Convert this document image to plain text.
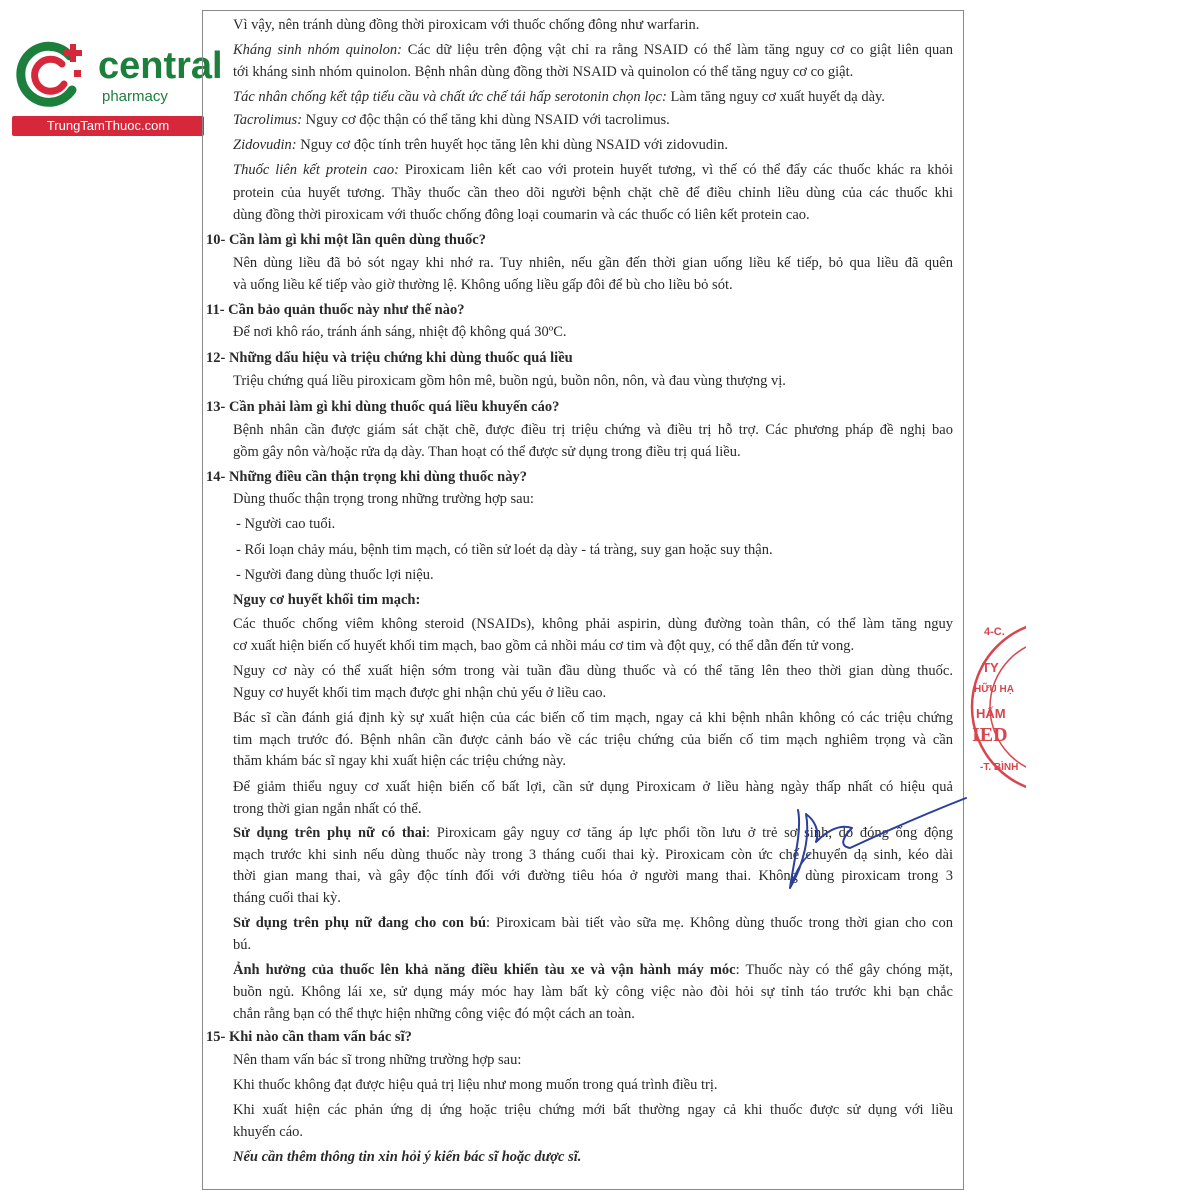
central
pharmacy
TrungTamThuoc.com
Vì vậy, nên tránh dùng đồng thời piroxicam với thuốc chống đông như warfarin.
Kháng sinh nhóm quinolon: Các dữ liệu trên động vật chỉ ra rằng NSAID có thể làm tăng nguy cơ co giật liên quan
tới kháng sinh nhóm quinolon. Bệnh nhân dùng đồng thời NSAID và quinolon có thể tăng nguy cơ co giật.
Tác nhân chống kết tập tiểu cầu và chất ức chế tái hấp serotonin chọn lọc: Làm tăng nguy cơ xuất huyết dạ dày.
Tacrolimus: Nguy cơ độc thận có thể tăng khi dùng NSAID với tacrolimus.
Zidovudin: Nguy cơ độc tính trên huyết học tăng lên khi dùng NSAID với zidovudin.
Thuốc liên kết protein cao: Piroxicam liên kết cao với protein huyết tương, vì thế có thể đẩy các thuốc khác ra khỏi
protein của huyết tương. Thầy thuốc cần theo dõi người bệnh chặt chẽ để điều chỉnh liều dùng của các thuốc khi
dùng đồng thời piroxicam với thuốc chống đông loại coumarin và các thuốc có liên kết protein cao.
10- Cần làm gì khi một lần quên dùng thuốc?
Nên dùng liều đã bỏ sót ngay khi nhớ ra. Tuy nhiên, nếu gần đến thời gian uống liều kế tiếp, bỏ qua liều đã quên
và uống liều kế tiếp vào giờ thường lệ. Không uống liều gấp đôi để bù cho liều bỏ sót.
11- Cần bảo quản thuốc này như thế nào?
Để nơi khô ráo, tránh ánh sáng, nhiệt độ không quá 30ºC.
12- Những dấu hiệu và triệu chứng khi dùng thuốc quá liều
Triệu chứng quá liều piroxicam gồm hôn mê, buồn ngủ, buồn nôn, nôn, và đau vùng thượng vị.
13- Cần phải làm gì khi dùng thuốc quá liều khuyến cáo?
Bệnh nhân cần được giám sát chặt chẽ, được điều trị triệu chứng và điều trị hỗ trợ. Các phương pháp đề nghị bao
gồm gây nôn và/hoặc rửa dạ dày. Than hoạt có thể được sử dụng trong điều trị quá liều.
14- Những điều cần thận trọng khi dùng thuốc này?
Dùng thuốc thận trọng trong những trường hợp sau:
- Người cao tuổi.
- Rối loạn chảy máu, bệnh tim mạch, có tiền sử loét dạ dày - tá tràng, suy gan hoặc suy thận.
- Người đang dùng thuốc lợi niệu.
Nguy cơ huyết khối tim mạch:
Các thuốc chống viêm không steroid (NSAIDs), không phải aspirin, dùng đường toàn thân, có thể làm tăng nguy
cơ xuất hiện biến cố huyết khối tim mạch, bao gồm cả nhồi máu cơ tim và đột quỵ, có thể dẫn đến tử vong.
Nguy cơ này có thể xuất hiện sớm trong vài tuần đầu dùng thuốc và có thể tăng lên theo thời gian dùng thuốc.
Nguy cơ huyết khối tim mạch được ghi nhận chủ yếu ở liều cao.
Bác sĩ cần đánh giá định kỳ sự xuất hiện của các biến cố tim mạch, ngay cả khi bệnh nhân không có các triệu chứng
tim mạch trước đó. Bệnh nhân cần được cảnh báo về các triệu chứng của biến cố tim mạch nghiêm trọng và cần
thăm khám bác sĩ ngay khi xuất hiện các triệu chứng này.
Để giảm thiểu nguy cơ xuất hiện biến cố bất lợi, cần sử dụng Piroxicam ở liều hàng ngày thấp nhất có hiệu quả
trong thời gian ngắn nhất có thể.
Sử dụng trên phụ nữ có thai: Piroxicam gây nguy cơ tăng áp lực phổi tồn lưu ở trẻ sơ sinh, do đóng ống động
mạch trước khi sinh nếu dùng thuốc này trong 3 tháng cuối thai kỳ. Piroxicam còn ức chế chuyển dạ sinh, kéo dài
thời gian mang thai, và gây độc tính đối với đường tiêu hóa ở người mang thai. Không dùng piroxicam trong 3
tháng cuối thai kỳ.
Sử dụng trên phụ nữ đang cho con bú: Piroxicam bài tiết vào sữa mẹ. Không dùng thuốc trong thời gian cho con
bú.
Ảnh hưởng của thuốc lên khả năng điều khiển tàu xe và vận hành máy móc: Thuốc này có thể gây chóng mặt,
buồn ngủ. Không lái xe, sử dụng máy móc hay làm bất kỳ công việc nào đòi hỏi sự tỉnh táo trước khi bạn chắc
chắn rằng bạn có thể thực hiện những công việc đó một cách an toàn.
15- Khi nào cần tham vấn bác sĩ?
Nên tham vấn bác sĩ trong những trường hợp sau:
Khi thuốc không đạt được hiệu quả trị liệu như mong muốn trong quá trình điều trị.
Khi xuất hiện các phản ứng dị ứng hoặc triệu chứng mới bất thường ngay cả khi thuốc được sử dụng với liều
khuyến cáo.
Nếu cần thêm thông tin xin hỏi ý kiến bác sĩ hoặc dược sĩ.
4-C.
TY
HỮU HẠ
HẤM
IED
-T. BÌNH
